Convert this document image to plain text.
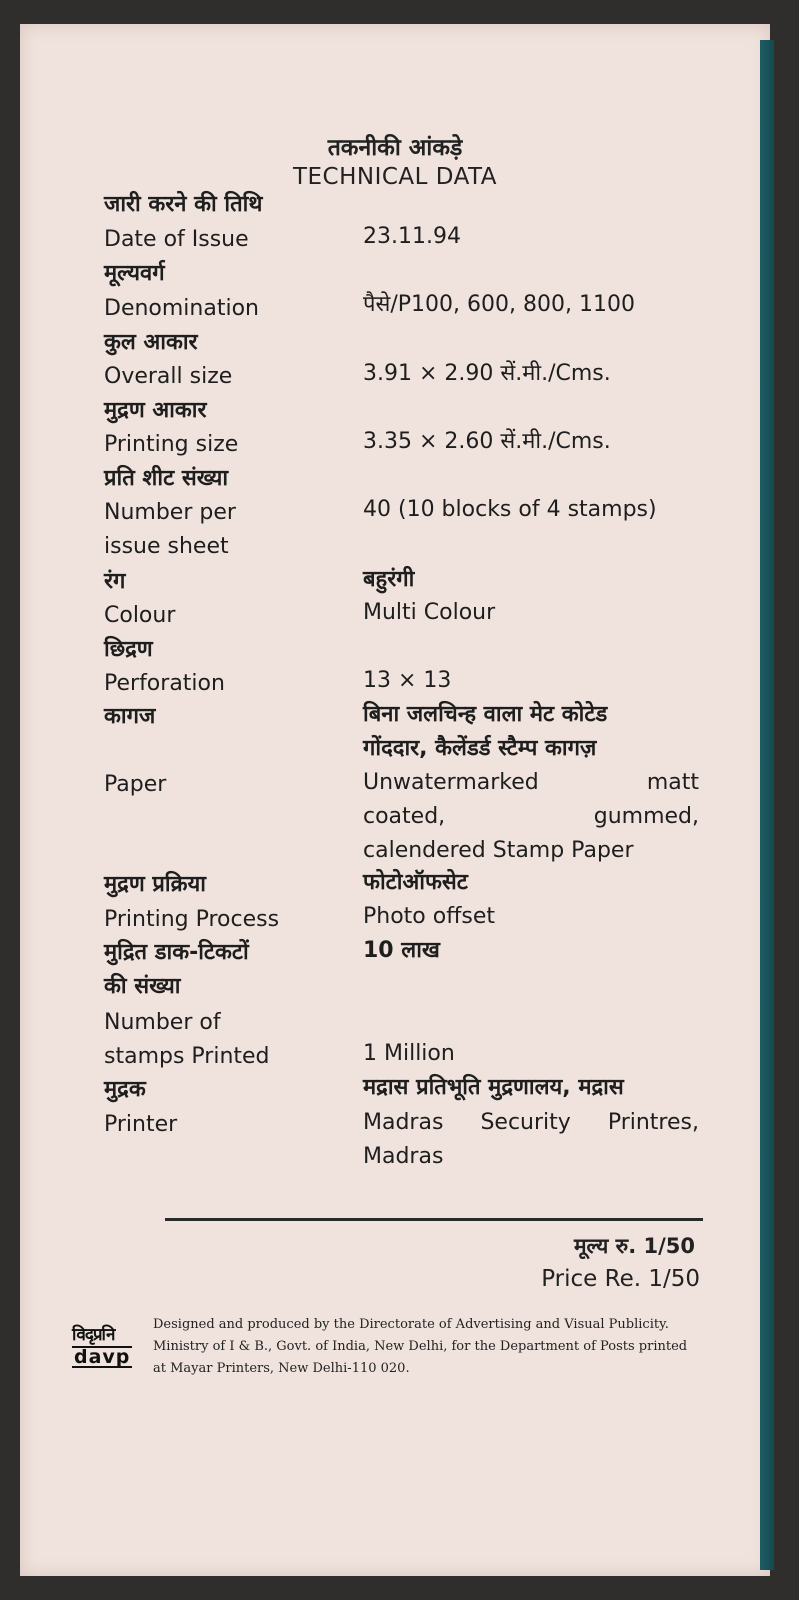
तकनीकी आंकड़े
TECHNICAL DATA
जारी करने की तिथि
Date of Issue	23.11.94
मूल्यवर्ग
Denomination	पैसे/P100, 600, 800, 1100
कुल आकार
Overall size	3.91 × 2.90 सें.मी./Cms.
मुद्रण आकार
Printing size	3.35 × 2.60 सें.मी./Cms.
प्रति शीट संख्या
Number per	40 (10 blocks of 4 stamps)
issue sheet
रंग	बहुरंगी
Colour	Multi Colour
छिद्रण
Perforation	13 × 13
कागज	बिना जलचिन्ह वाला मेट कोटेड
गोंददार, कैलेंडर्ड स्टैम्प कागज़
Paper	Unwatermarked	matt
coated,	gummed,
calendered Stamp Paper
मुद्रण प्रक्रिया	फोटोऑफसेट
Printing Process	Photo offset
मुद्रित डाक-टिकटों	10 लाख
की संख्या
Number of
stamps Printed	1 Million
मुद्रक	मद्रास प्रतिभूति मुद्रणालय, मद्रास
Printer	Madras Security Printres,
Madras
मूल्य रु. 1/50
Price Re. 1/50
विदृप्रनि
davp
Designed and produced by the Directorate of Advertising and Visual Publicity.
Ministry of I & B., Govt. of India, New Delhi, for the Department of Posts printed
at Mayar Printers, New Delhi-110 020.
